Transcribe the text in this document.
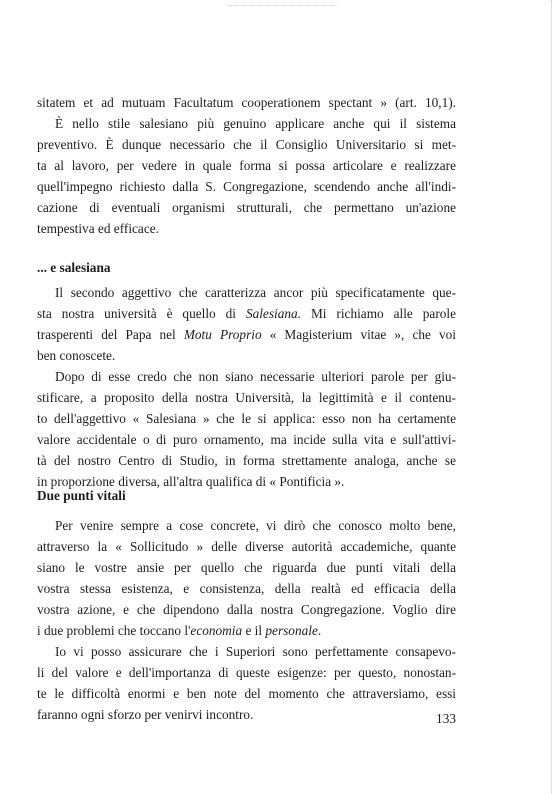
sitatem et ad mutuam Facultatum cooperationem spectant » (art. 10,1).
È nello stile salesiano più genuino applicare anche qui il sistema
preventivo. È dunque necessario che il Consiglio Universitario si met-
ta al lavoro, per vedere in quale forma si possa articolare e realizzare
quell'impegno richiesto dalla S. Congregazione, scendendo anche all'indi-
cazione di eventuali organismi strutturali, che permettano un'azione
tempestiva ed efficace.
... e salesiana
Il secondo aggettivo che caratterizza ancor più specificatamente que-
sta nostra università è quello di Salesiana. Mi richiamo alle parole
trasperenti del Papa nel Motu Proprio « Magisterium vitae », che voi
ben conoscete.
Dopo di esse credo che non siano necessarie ulteriori parole per giu-
stificare, a proposito della nostra Università, la legittimità e il contenu-
to dell'aggettivo « Salesiana » che le si applica: esso non ha certamente
valore accidentale o di puro ornamento, ma incide sulla vita e sull'attivi-
tà del nostro Centro di Studio, in forma strettamente analoga, anche se
in proporzione diversa, all'altra qualifica di « Pontificia ».
Due punti vitali
Per venire sempre a cose concrete, vi dirò che conosco molto bene,
attraverso la « Sollicitudo » delle diverse autorità accademiche, quante
siano le vostre ansie per quello che riguarda due punti vitali della
vostra stessa esistenza, e consistenza, della realtà ed efficacia della
vostra azione, e che dipendono dalla nostra Congregazione. Voglio dire
i due problemi che toccano l'economia e il personale.
Io vi posso assicurare che i Superiori sono perfettamente consapevo-
li del valore e dell'importanza di queste esigenze: per questo, nonostan-
te le difficoltà enormi e ben note del momento che attraversiamo, essi
faranno ogni sforzo per venirvi incontro.	133
